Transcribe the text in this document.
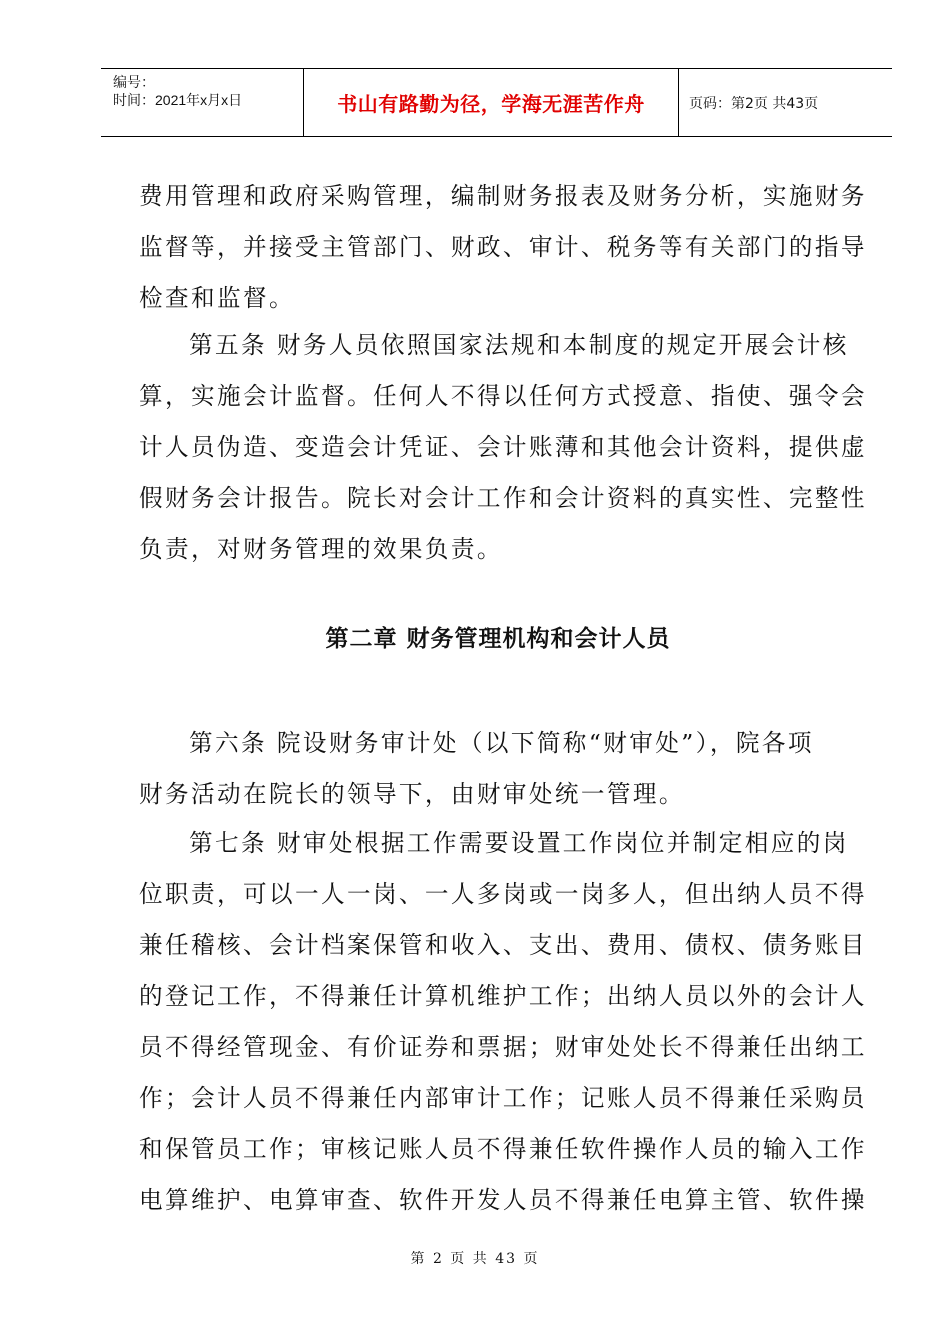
编号：
时间：2021年x月x日	书山有路勤为径，学海无涯苦作舟	页码：第2页 共43页
费用管理和政府采购管理，编制财务报表及财务分析，实施财务
监督等，并接受主管部门、财政、审计、税务等有关部门的指导
检查和监督。
第五条 财务人员依照国家法规和本制度的规定开展会计核
算，实施会计监督。任何人不得以任何方式授意、指使、强令会
计人员伪造、变造会计凭证、会计账薄和其他会计资料，提供虚
假财务会计报告。院长对会计工作和会计资料的真实性、完整性
负责，对财务管理的效果负责。
第二章 财务管理机构和会计人员
第六条 院设财务审计处（以下简称“财审处”），院各项
财务活动在院长的领导下，由财审处统一管理。
第七条 财审处根据工作需要设置工作岗位并制定相应的岗
位职责，可以一人一岗、一人多岗或一岗多人，但出纳人员不得
兼任稽核、会计档案保管和收入、支出、费用、债权、债务账目
的登记工作，不得兼任计算机维护工作；出纳人员以外的会计人
员不得经管现金、有价证券和票据；财审处处长不得兼任出纳工
作；会计人员不得兼任内部审计工作；记账人员不得兼任采购员
和保管员工作；审核记账人员不得兼任软件操作人员的输入工作
电算维护、电算审查、软件开发人员不得兼任电算主管、软件操
第 2 页 共 43 页
